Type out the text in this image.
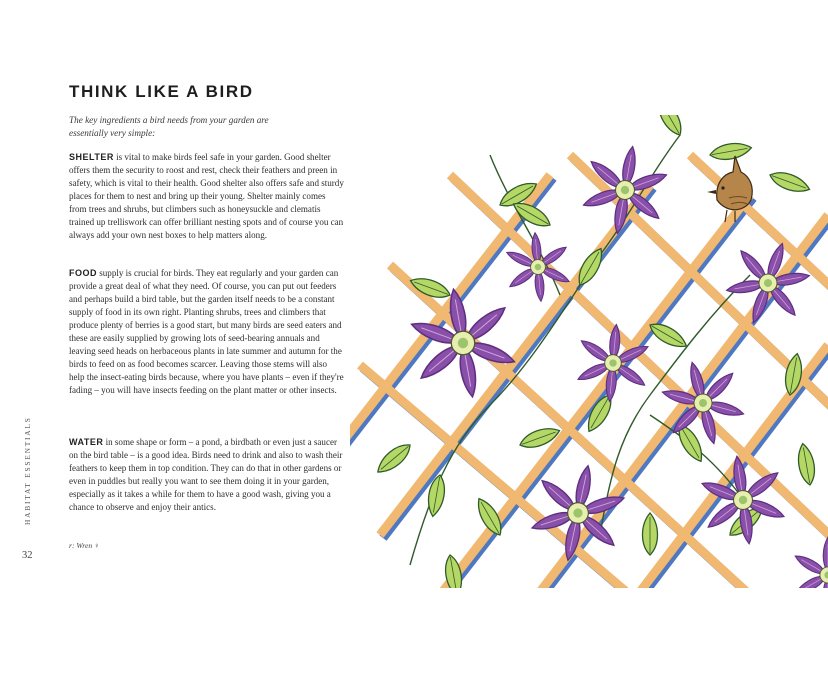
THINK LIKE A BIRD

The key ingredients a bird needs from your garden are essentially very simple:

SHELTER is vital to make birds feel safe in your garden. Good shelter offers them the security to roost and rest, check their feathers and preen in safety, which is vital to their health. Good shelter also offers safe and sturdy places for them to nest and bring up their young. Shelter mainly comes from trees and shrubs, but climbers such as honeysuckle and clematis trained up trelliswork can offer brilliant nesting spots and of course you can always add your own nest boxes to help matters along.

FOOD supply is crucial for birds. They eat regularly and your garden can provide a great deal of what they need. Of course, you can put out feeders and perhaps build a bird table, but the garden itself needs to be a constant supply of food in its own right. Planting shrubs, trees and climbers that produce plenty of berries is a good start, but many birds are seed eaters and these are easily supplied by growing lots of seed-bearing annuals and leaving seed heads on herbaceous plants in late summer and autumn for the birds to feed on as food becomes scarcer. Leaving those stems will also help the insect-eating birds because, where you have plants – even if they're fading – you will have insects feeding on the plant matter or other insects.

WATER in some shape or form – a pond, a birdbath or even just a saucer on the bird table – is a good idea. Birds need to drink and also to wash their feathers to keep them in top condition. They can do that in other gardens or even in puddles but really you want to see them doing it in your garden, especially as it takes a while for them to have a good wash, giving you a chance to observe and enjoy their antics.

r: Wren ♀

HABITAT ESSENTIALS

32
